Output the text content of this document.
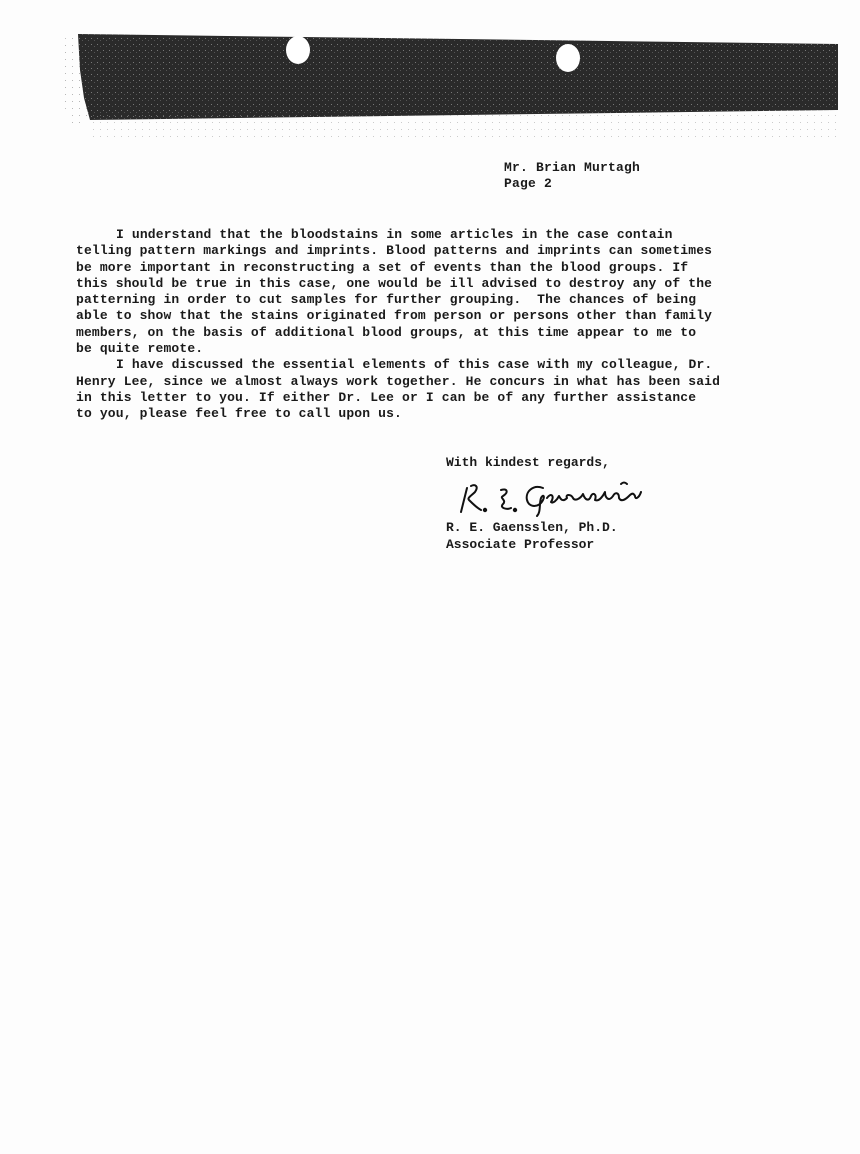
Mr. Brian Murtagh
Page 2
I understand that the bloodstains in some articles in the case contain
telling pattern markings and imprints. Blood patterns and imprints can sometimes
be more important in reconstructing a set of events than the blood groups. If
this should be true in this case, one would be ill advised to destroy any of the
patterning in order to cut samples for further grouping.  The chances of being
able to show that the stains originated from person or persons other than family
members, on the basis of additional blood groups, at this time appear to me to
be quite remote.
I have discussed the essential elements of this case with my colleague, Dr.
Henry Lee, since we almost always work together. He concurs in what has been said
in this letter to you. If either Dr. Lee or I can be of any further assistance
to you, please feel free to call upon us.
With kindest regards,
R. E. Gaensslen, Ph.D.
Associate Professor
